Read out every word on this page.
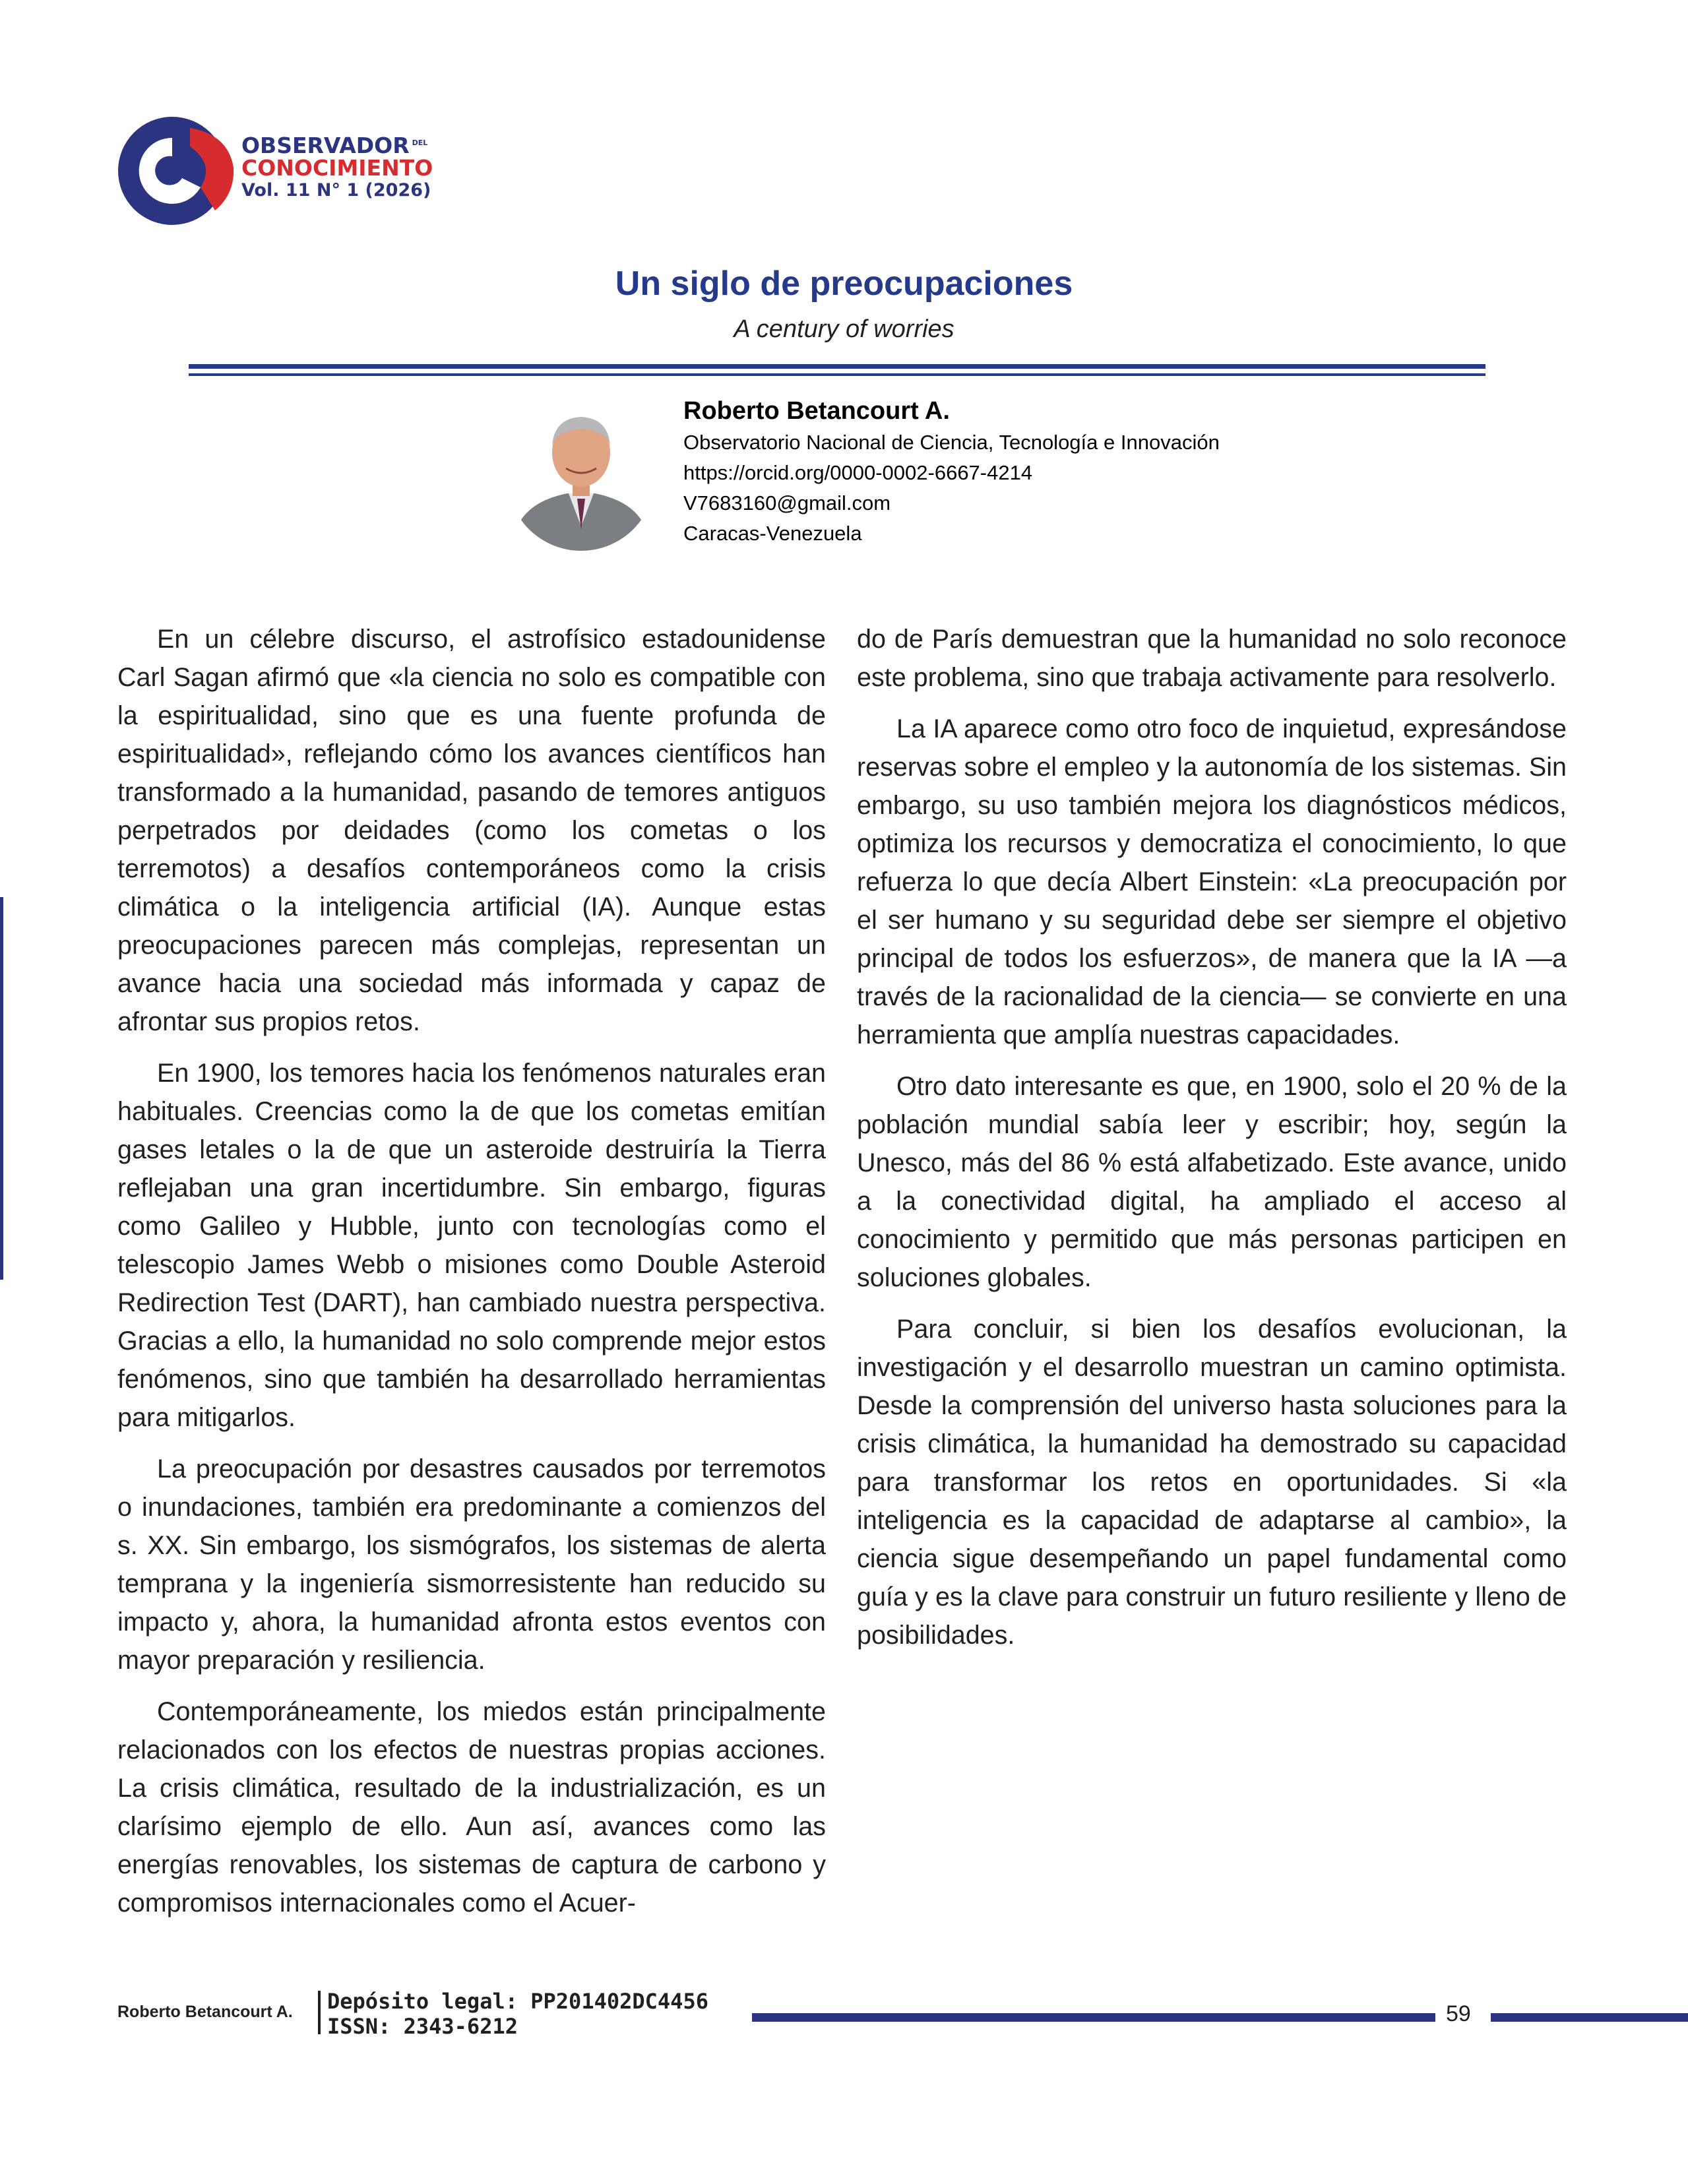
OBSERVADOR $^{DEL}$
CONOCIMIENTO
Vol. 11 N° 1 (2026)
Un siglo de preocupaciones
A century of worries
Roberto Betancourt A.
Observatorio Nacional de Ciencia, Tecnología e Innovación
https://orcid.org/0000-0002-6667-4214
V7683160@gmail.com
Caracas-Venezuela

En un célebre discurso, el astrofísico estadounidense Carl Sagan afirmó que «la ciencia no solo es compatible con la espiritualidad, sino que es una fuente profunda de espiritualidad», reflejando cómo los avances científicos han transformado a la humanidad, pasando de temores antiguos perpetrados por deidades (como los cometas o los terremotos) a desafíos contemporáneos como la crisis climática o la inteligencia artificial (IA). Aunque estas preocupaciones parecen más complejas, representan un avance hacia una sociedad más informada y capaz de afrontar sus propios retos.

En 1900, los temores hacia los fenómenos naturales eran habituales. Creencias como la de que los cometas emitían gases letales o la de que un asteroide destruiría la Tierra reflejaban una gran incertidumbre. Sin embargo, figuras como Galileo y Hubble, junto con tecnologías como el telescopio James Webb o misiones como Double Asteroid Redirection Test (DART), han cambiado nuestra perspectiva. Gracias a ello, la humanidad no solo comprende mejor estos fenómenos, sino que también ha desarrollado herramientas para mitigarlos.

La preocupación por desastres causados por terremotos o inundaciones, también era predominante a comienzos del s. XX. Sin embargo, los sismógrafos, los sistemas de alerta temprana y la ingeniería sismorresistente han reducido su impacto y, ahora, la humanidad afronta estos eventos con mayor preparación y resiliencia.

Contemporáneamente, los miedos están principalmente relacionados con los efectos de nuestras propias acciones. La crisis climática, resultado de la industrialización, es un clarísimo ejemplo de ello. Aun así, avances como las energías renovables, los sistemas de captura de carbono y compromisos internacionales como el Acuer-

do de París demuestran que la humanidad no solo reconoce este problema, sino que trabaja activamente para resolverlo.

La IA aparece como otro foco de inquietud, expresándose reservas sobre el empleo y la autonomía de los sistemas. Sin embargo, su uso también mejora los diagnósticos médicos, optimiza los recursos y democratiza el conocimiento, lo que refuerza lo que decía Albert Einstein: «La preocupación por el ser humano y su seguridad debe ser siempre el objetivo principal de todos los esfuerzos», de manera que la IA —a través de la racionalidad de la ciencia— se convierte en una herramienta que amplía nuestras capacidades.

Otro dato interesante es que, en 1900, solo el 20 % de la población mundial sabía leer y escribir; hoy, según la Unesco, más del 86 % está alfabetizado. Este avance, unido a la conectividad digital, ha ampliado el acceso al conocimiento y permitido que más personas participen en soluciones globales.

Para concluir, si bien los desafíos evolucionan, la investigación y el desarrollo muestran un camino optimista. Desde la comprensión del universo hasta soluciones para la crisis climática, la humanidad ha demostrado su capacidad para transformar los retos en oportunidades. Si «la inteligencia es la capacidad de adaptarse al cambio», la ciencia sigue desempeñando un papel fundamental como guía y es la clave para construir un futuro resiliente y lleno de posibilidades.

Roberto Betancourt A. Depósito legal: PP201402DC4456
ISSN: 2343-6212	59
